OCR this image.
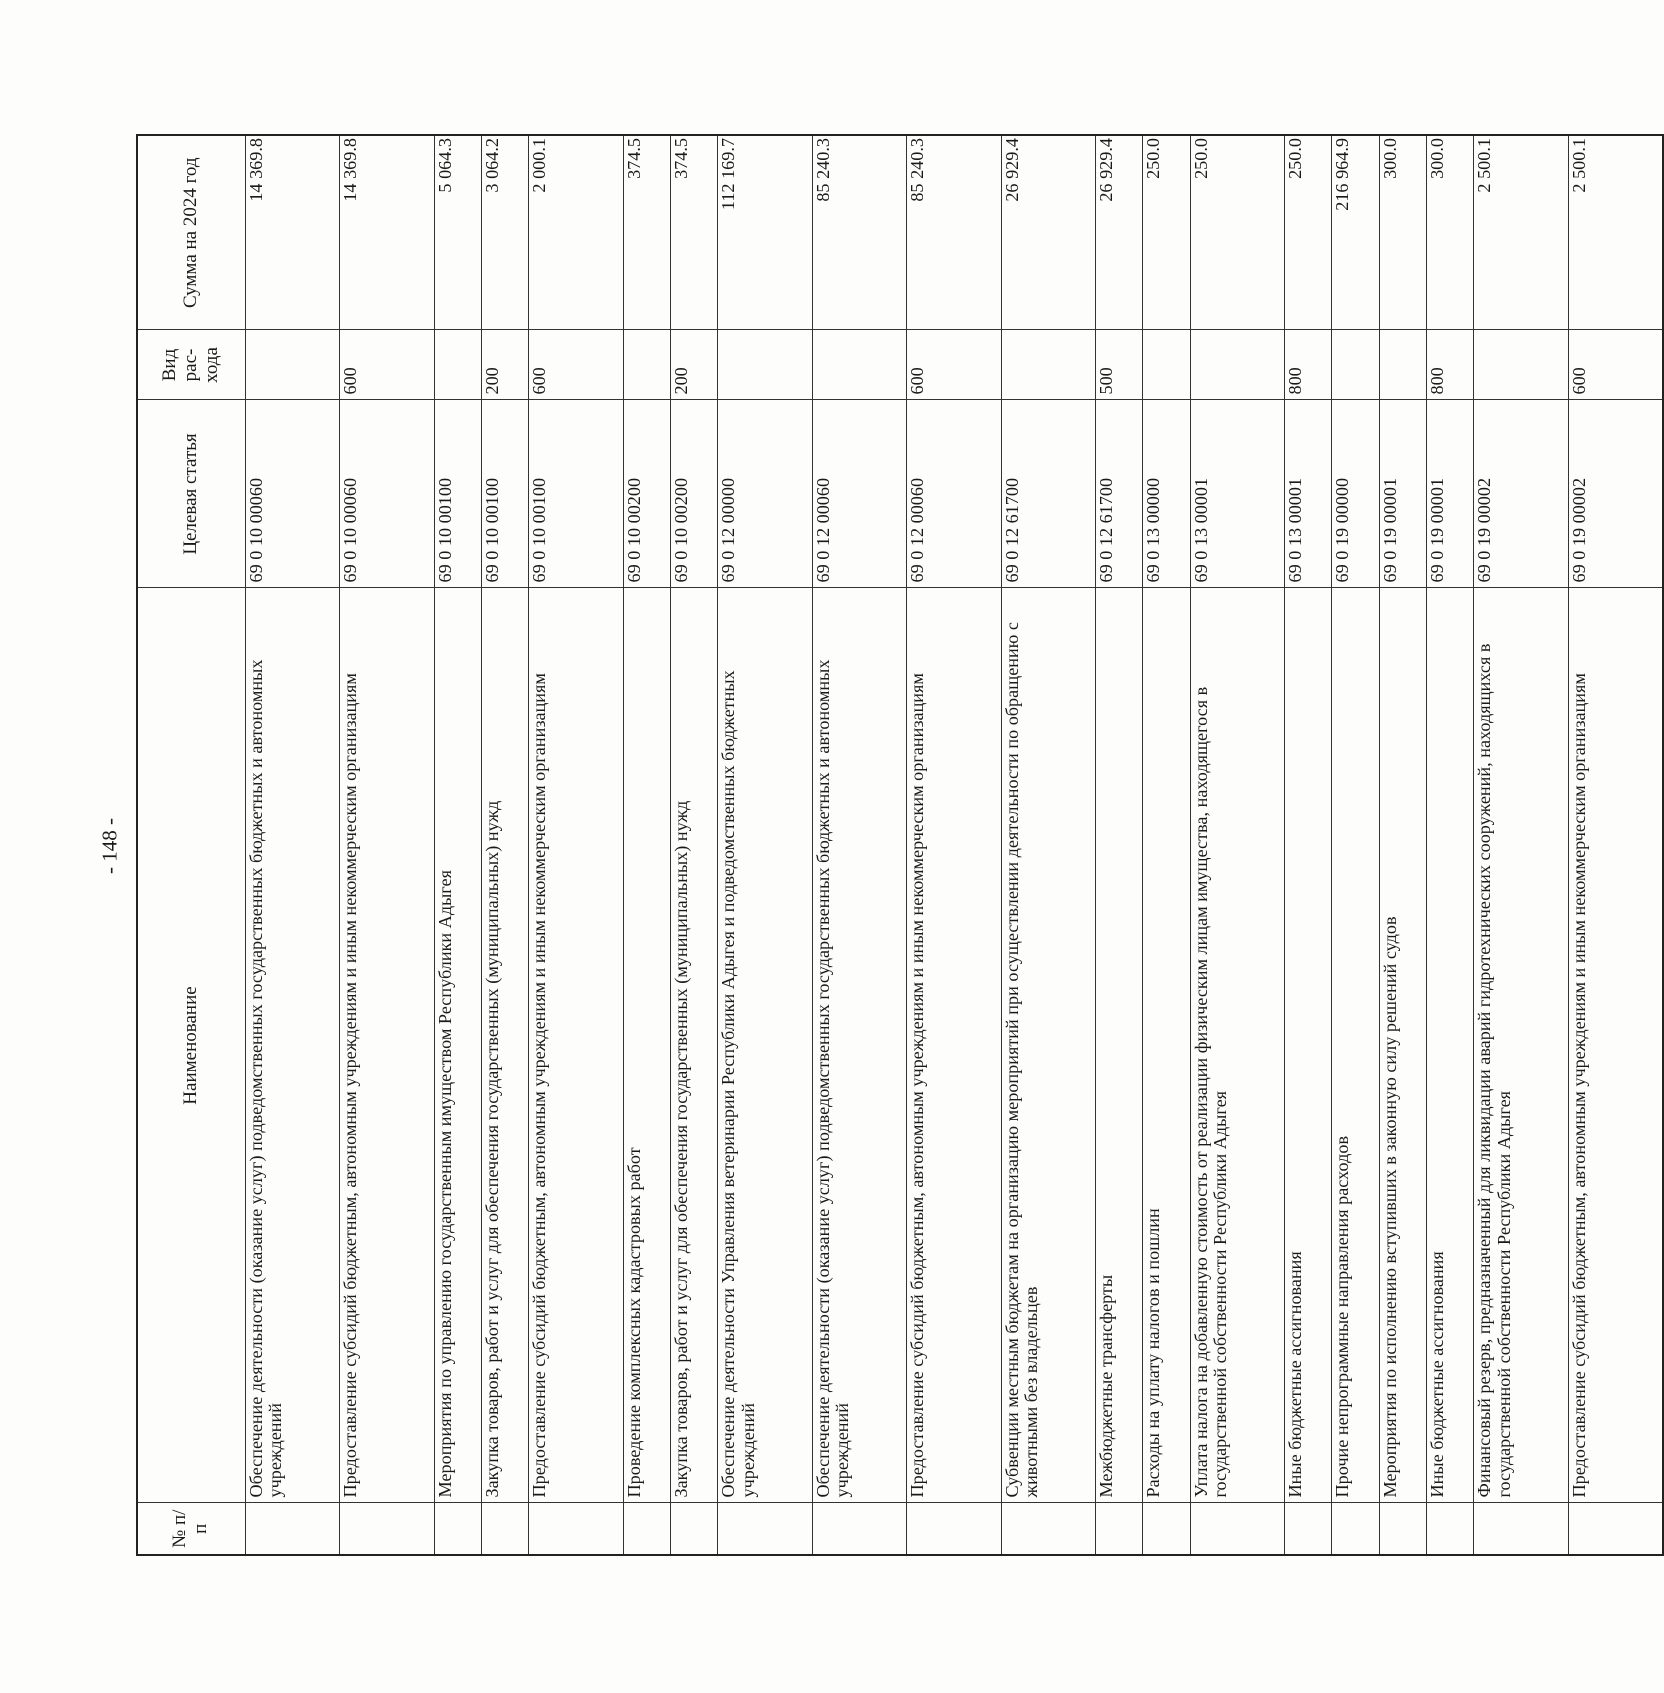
- 148 -
№ п/п	Наименование	Целевая статья	Вид рас- хода	Сумма на 2024 год
	Обеспечение деятельности (оказание услуг) подведомственных государственных бюджетных и автономных учреждений	69 0 10 00060		14 369.8
	Предоставление субсидий бюджетным, автономным учреждениям и иным некоммерческим организациям	69 0 10 00060	600	14 369.8
	Мероприятия по управлению государственным имуществом Республики Адыгея	69 0 10 00100		5 064.3
	Закупка товаров, работ и услуг для обеспечения государственных (муниципальных) нужд	69 0 10 00100	200	3 064.2
	Предоставление субсидий бюджетным, автономным учреждениям и иным некоммерческим организациям	69 0 10 00100	600	2 000.1
	Проведение комплексных кадастровых работ	69 0 10 00200		374.5
	Закупка товаров, работ и услуг для обеспечения государственных (муниципальных) нужд	69 0 10 00200	200	374.5
	Обеспечение деятельности Управления ветеринарии Республики Адыгея и подведомственных бюджетных учреждений	69 0 12 00000		112 169.7
	Обеспечение деятельности (оказание услуг) подведомственных государственных бюджетных и автономных учреждений	69 0 12 00060		85 240.3
	Предоставление субсидий бюджетным, автономным учреждениям и иным некоммерческим организациям	69 0 12 00060	600	85 240.3
	Субвенции местным бюджетам на организацию мероприятий при осуществлении деятельности по обращению с животными без владельцев	69 0 12 61700		26 929.4
	Межбюджетные трансферты	69 0 12 61700	500	26 929.4
	Расходы на уплату налогов и пошлин	69 0 13 00000		250.0
	Уплата налога на добавленную стоимость от реализации физическим лицам имущества, находящегося в государственной собственности Республики Адыгея	69 0 13 00001		250.0
	Иные бюджетные ассигнования	69 0 13 00001	800	250.0
	Прочие непрограммные направления расходов	69 0 19 00000		216 964.9
	Мероприятия по исполнению вступивших в законную силу решений судов	69 0 19 00001		300.0
	Иные бюджетные ассигнования	69 0 19 00001	800	300.0
	Финансовый резерв, предназначенный для ликвидации аварий гидротехнических сооружений, находящихся в государственной собственности Республики Адыгея	69 0 19 00002		2 500.1
	Предоставление субсидий бюджетным, автономным учреждениям и иным некоммерческим организациям	69 0 19 00002	600	2 500.1
